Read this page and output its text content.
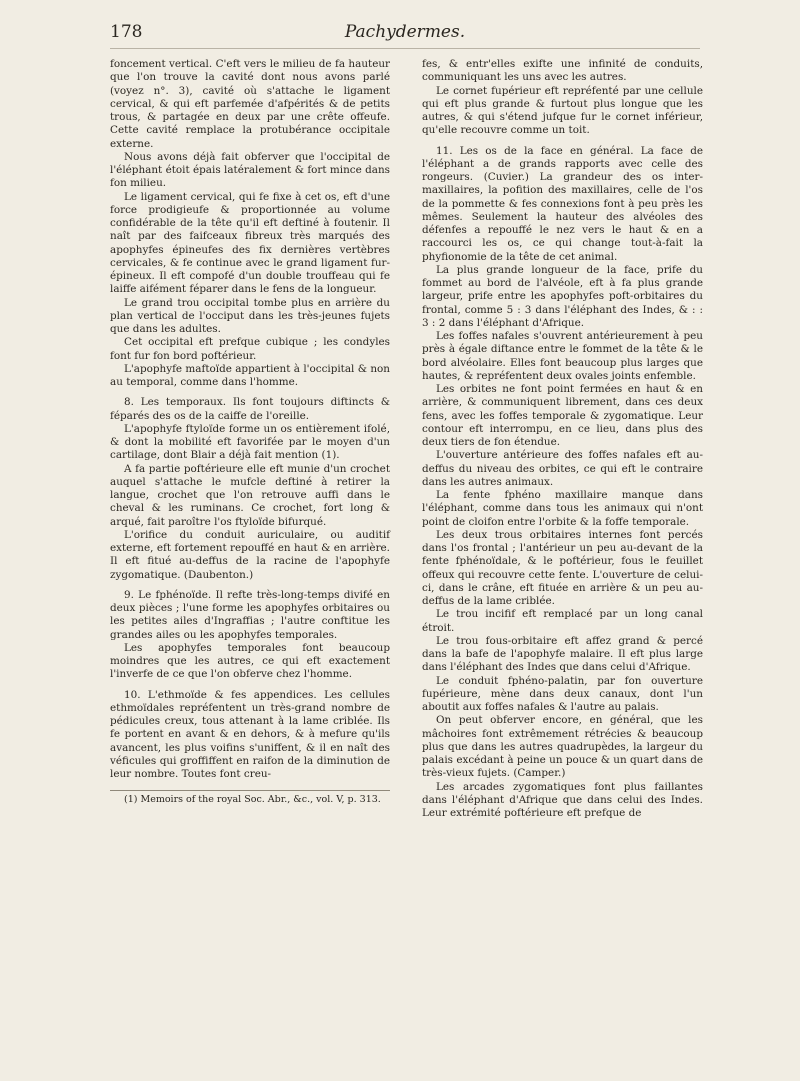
178	Pachydermes.

foncement vertical. C'eft vers le milieu de fa hauteur que l'on trouve la cavité dont nous avons parlé (voyez n°. 3), cavité où s'attache le ligament cervical, & qui eft parfemée d'afpérités & de petits trous, & partagée en deux par une crête offeufe. Cette cavité remplace la protubérance occipitale externe.

Nous avons déjà fait obferver que l'occipital de l'éléphant étoit épais latéralement & fort mince dans fon milieu.

Le ligament cervical, qui fe fixe à cet os, eft d'une force prodigieufe & proportionnée au volume confidérable de la tête qu'il eft deftiné à foutenir. Il naît par des faifceaux fibreux très marqués des apophyfes épineufes des fix dernières vertèbres cervicales, & fe continue avec le grand ligament fur-épineux. Il eft compofé d'un double trouffeau qui fe laiffe aifément féparer dans le fens de la longueur.

Le grand trou occipital tombe plus en arrière du plan vertical de l'occiput dans les très-jeunes fujets que dans les adultes.

Cet occipital eft prefque cubique ; les condyles font fur fon bord poftérieur.

L'apophyfe maftoïde appartient à l'occipital & non au temporal, comme dans l'homme.

8. Les temporaux. Ils font toujours diftincts & féparés des os de la caiffe de l'oreille.

L'apophyfe ftyloïde forme un os entièrement ifolé, & dont la mobilité eft favorifée par le moyen d'un cartilage, dont Blair a déjà fait mention (1).

A fa partie poftérieure elle eft munie d'un crochet auquel s'attache le mufcle deftiné à retirer la langue, crochet que l'on retrouve auffi dans le cheval & les ruminans. Ce crochet, fort long & arqué, fait paroître l'os ftyloïde bifurqué.

L'orifice du conduit auriculaire, ou auditif externe, eft fortement repouffé en haut & en arrière. Il eft fitué au-deffus de la racine de l'apophyfe zygomatique. (Daubenton.)

9. Le fphénoïde. Il refte très-long-temps divifé en deux pièces ; l'une forme les apophyfes orbitaires ou les petites ailes d'Ingraffias ; l'autre conftitue les grandes ailes ou les apophyfes temporales.

Les apophyfes temporales font beaucoup moindres que les autres, ce qui eft exactement l'inverfe de ce que l'on obferve chez l'homme.

10. L'ethmoïde & fes appendices. Les cellules ethmoïdales repréfentent un très-grand nombre de pédicules creux, tous attenant à la lame criblée. Ils fe portent en avant & en dehors, & à mefure qu'ils avancent, les plus voifins s'uniffent, & il en naît des véficules qui groffiffent en raifon de la diminution de leur nombre. Toutes font creu-

(1) Memoirs of the royal Soc. Abr., &c., vol. V, p. 313.

fes, & entr'elles exifte une infinité de conduits, communiquant les uns avec les autres.

Le cornet fupérieur eft repréfenté par une cellule qui eft plus grande & furtout plus longue que les autres, & qui s'étend jufque fur le cornet inférieur, qu'elle recouvre comme un toit.

11. Les os de la face en général. La face de l'éléphant a de grands rapports avec celle des rongeurs. (Cuvier.) La grandeur des os inter-maxillaires, la pofition des maxillaires, celle de l'os de la pommette & fes connexions font à peu près les mêmes. Seulement la hauteur des alvéoles des défenfes a repouffé le nez vers le haut & en a raccourci les os, ce qui change tout-à-fait la phyfionomie de la tête de cet animal.

La plus grande longueur de la face, prife du fommet au bord de l'alvéole, eft à fa plus grande largeur, prife entre les apophyfes poft-orbitaires du frontal, comme 5 : 3 dans l'éléphant des Indes, & : : 3 : 2 dans l'éléphant d'Afrique.

Les foffes nafales s'ouvrent antérieurement à peu près à égale diftance entre le fommet de la tête & le bord alvéolaire. Elles font beaucoup plus larges que hautes, & repréfentent deux ovales joints enfemble.

Les orbites ne font point fermées en haut & en arrière, & communiquent librement, dans ces deux fens, avec les foffes temporale & zygomatique. Leur contour eft interrompu, en ce lieu, dans plus des deux tiers de fon étendue.

L'ouverture antérieure des foffes nafales eft au-deffus du niveau des orbites, ce qui eft le contraire dans les autres animaux.

La fente fphéno maxillaire manque dans l'éléphant, comme dans tous les animaux qui n'ont point de cloifon entre l'orbite & la foffe temporale.

Les deux trous orbitaires internes font percés dans l'os frontal ; l'antérieur un peu au-devant de la fente fphénoïdale, & le poftérieur, fous le feuillet offeux qui recouvre cette fente. L'ouverture de celui-ci, dans le crâne, eft fituée en arrière & un peu au-deffus de la lame criblée.

Le trou incifif eft remplacé par un long canal étroit.

Le trou fous-orbitaire eft affez grand & percé dans la bafe de l'apophyfe malaire. Il eft plus large dans l'éléphant des Indes que dans celui d'Afrique.

Le conduit fphéno-palatin, par fon ouverture fupérieure, mène dans deux canaux, dont l'un aboutit aux foffes nafales & l'autre au palais.

On peut obferver encore, en général, que les mâchoires font extrêmement rétrécies & beaucoup plus que dans les autres quadrupèdes, la largeur du palais excédant à peine un pouce & un quart dans de très-vieux fujets. (Camper.)

Les arcades zygomatiques font plus faillantes dans l'éléphant d'Afrique que dans celui des Indes. Leur extrémité poftérieure eft prefque de
